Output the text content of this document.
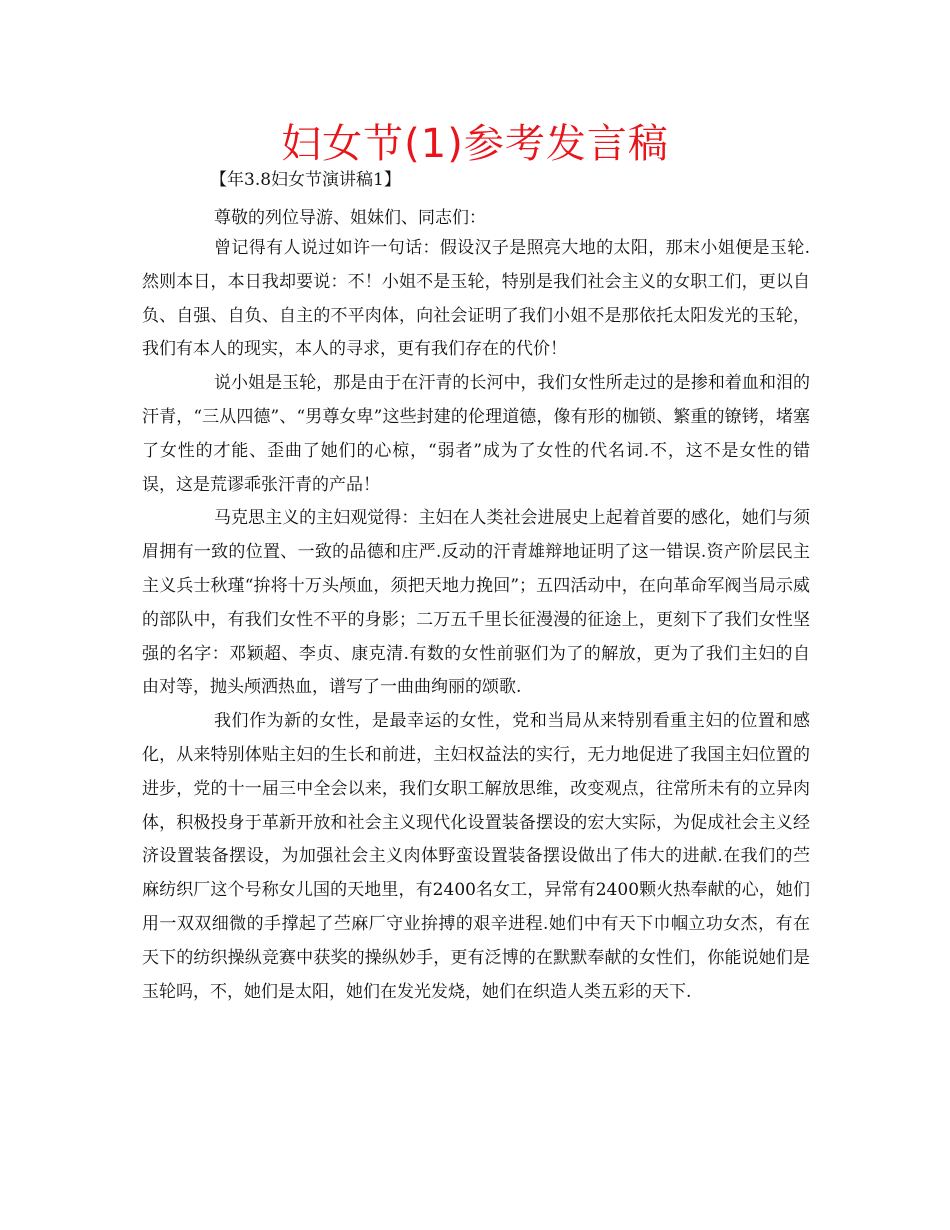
妇女节(1)参考发言稿
【年3.8妇女节演讲稿1】
尊敬的列位导游、姐妹们、同志们：

曾记得有人说过如许一句话：假设汉子是照亮大地的太阳，那末小姐便是玉轮.然则本日，本日我却要说：不！小姐不是玉轮，特别是我们社会主义的女职工们，更以自负、自强、自负、自主的不平肉体，向社会证明了我们小姐不是那依托太阳发光的玉轮，我们有本人的现实，本人的寻求，更有我们存在的代价！

说小姐是玉轮，那是由于在汗青的长河中，我们女性所走过的是掺和着血和泪的汗青，“三从四德”、“男尊女卑”这些封建的伦理道德，像有形的枷锁、繁重的镣铐，堵塞了女性的才能、歪曲了她们的心椋，“弱者”成为了女性的代名词.不，这不是女性的错误，这是荒谬乖张汗青的产品！

马克思主义的主妇观觉得：主妇在人类社会进展史上起着首要的感化，她们与须眉拥有一致的位置、一致的品德和庄严.反动的汗青雄辩地证明了这一错误.资产阶层民主主义兵士秋瑾“拚将十万头颅血，须把天地力挽回”；五四活动中，在向革命军阀当局示威的部队中，有我们女性不平的身影；二万五千里长征漫漫的征途上，更刻下了我们女性坚强的名字：邓颖超、李贞、康克清.有数的女性前驱们为了的解放，更为了我们主妇的自由对等，抛头颅洒热血，谱写了一曲曲绚丽的颂歌.

我们作为新的女性，是最幸运的女性，党和当局从来特别看重主妇的位置和感化，从来特别体贴主妇的生长和前进，主妇权益法的实行，无力地促进了我国主妇位置的进步，党的十一届三中全会以来，我们女职工解放思维，改变观点，往常所未有的立异肉体，积极投身于革新开放和社会主义现代化设置装备摆设的宏大实际，为促成社会主义经济设置装备摆设，为加强社会主义肉体野蛮设置装备摆设做出了伟大的进献.在我们的苎麻纺织厂这个号称女儿国的天地里，有2400名女工，异常有2400颗火热奉献的心，她们用一双双细微的手撑起了苎麻厂守业拚搏的艰辛进程.她们中有天下巾帼立功女杰，有在天下的纺织操纵竞赛中获奖的操纵妙手，更有泛博的在默默奉献的女性们，你能说她们是玉轮吗，不，她们是太阳，她们在发光发烧，她们在织造人类五彩的天下.
